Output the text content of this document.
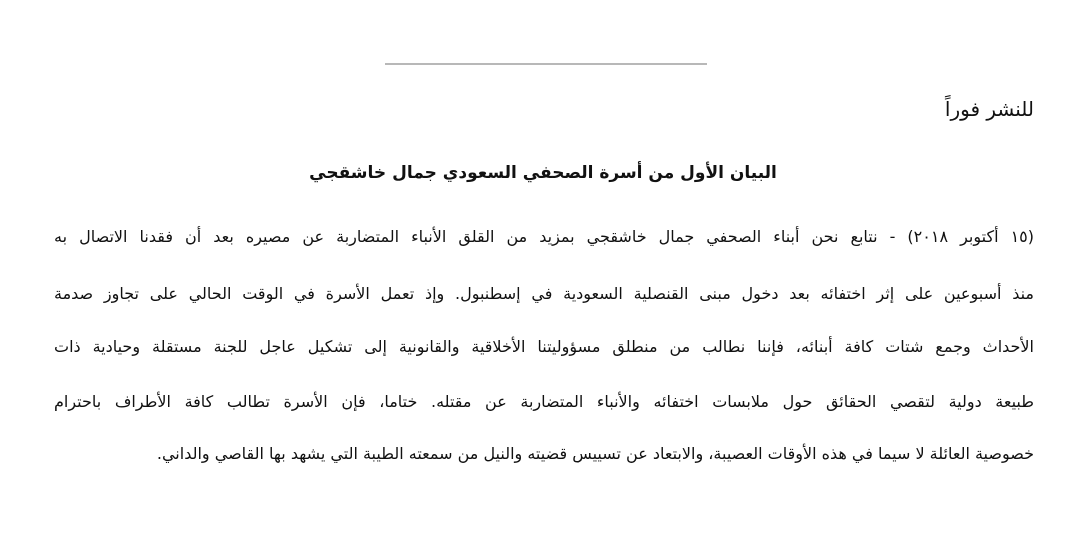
للنشر فوراً
البيان الأول من أسرة الصحفي السعودي جمال خاشقجي
(١٥ أكتوبر ٢٠١٨) - نتابع نحن أبناء الصحفي جمال خاشقجي بمزيد من القلق الأنباء المتضاربة عن مصيره بعد أن فقدنا الاتصال به
منذ أسبوعين على إثر اختفائه بعد دخول مبنى القنصلية السعودية في إسطنبول. وإذ تعمل الأسرة في الوقت الحالي على تجاوز صدمة
الأحداث وجمع شتات كافة أبنائه، فإننا نطالب من منطلق مسؤوليتنا الأخلاقية والقانونية إلى تشكيل عاجل للجنة مستقلة وحيادية ذات
طبيعة دولية لتقصي الحقائق حول ملابسات اختفائه والأنباء المتضاربة عن مقتله. ختاما، فإن الأسرة تطالب كافة الأطراف باحترام
خصوصية العائلة لا سيما في هذه الأوقات العصيبة، والابتعاد عن تسييس قضيته والنيل من سمعته الطيبة التي يشهد بها القاصي والداني.
